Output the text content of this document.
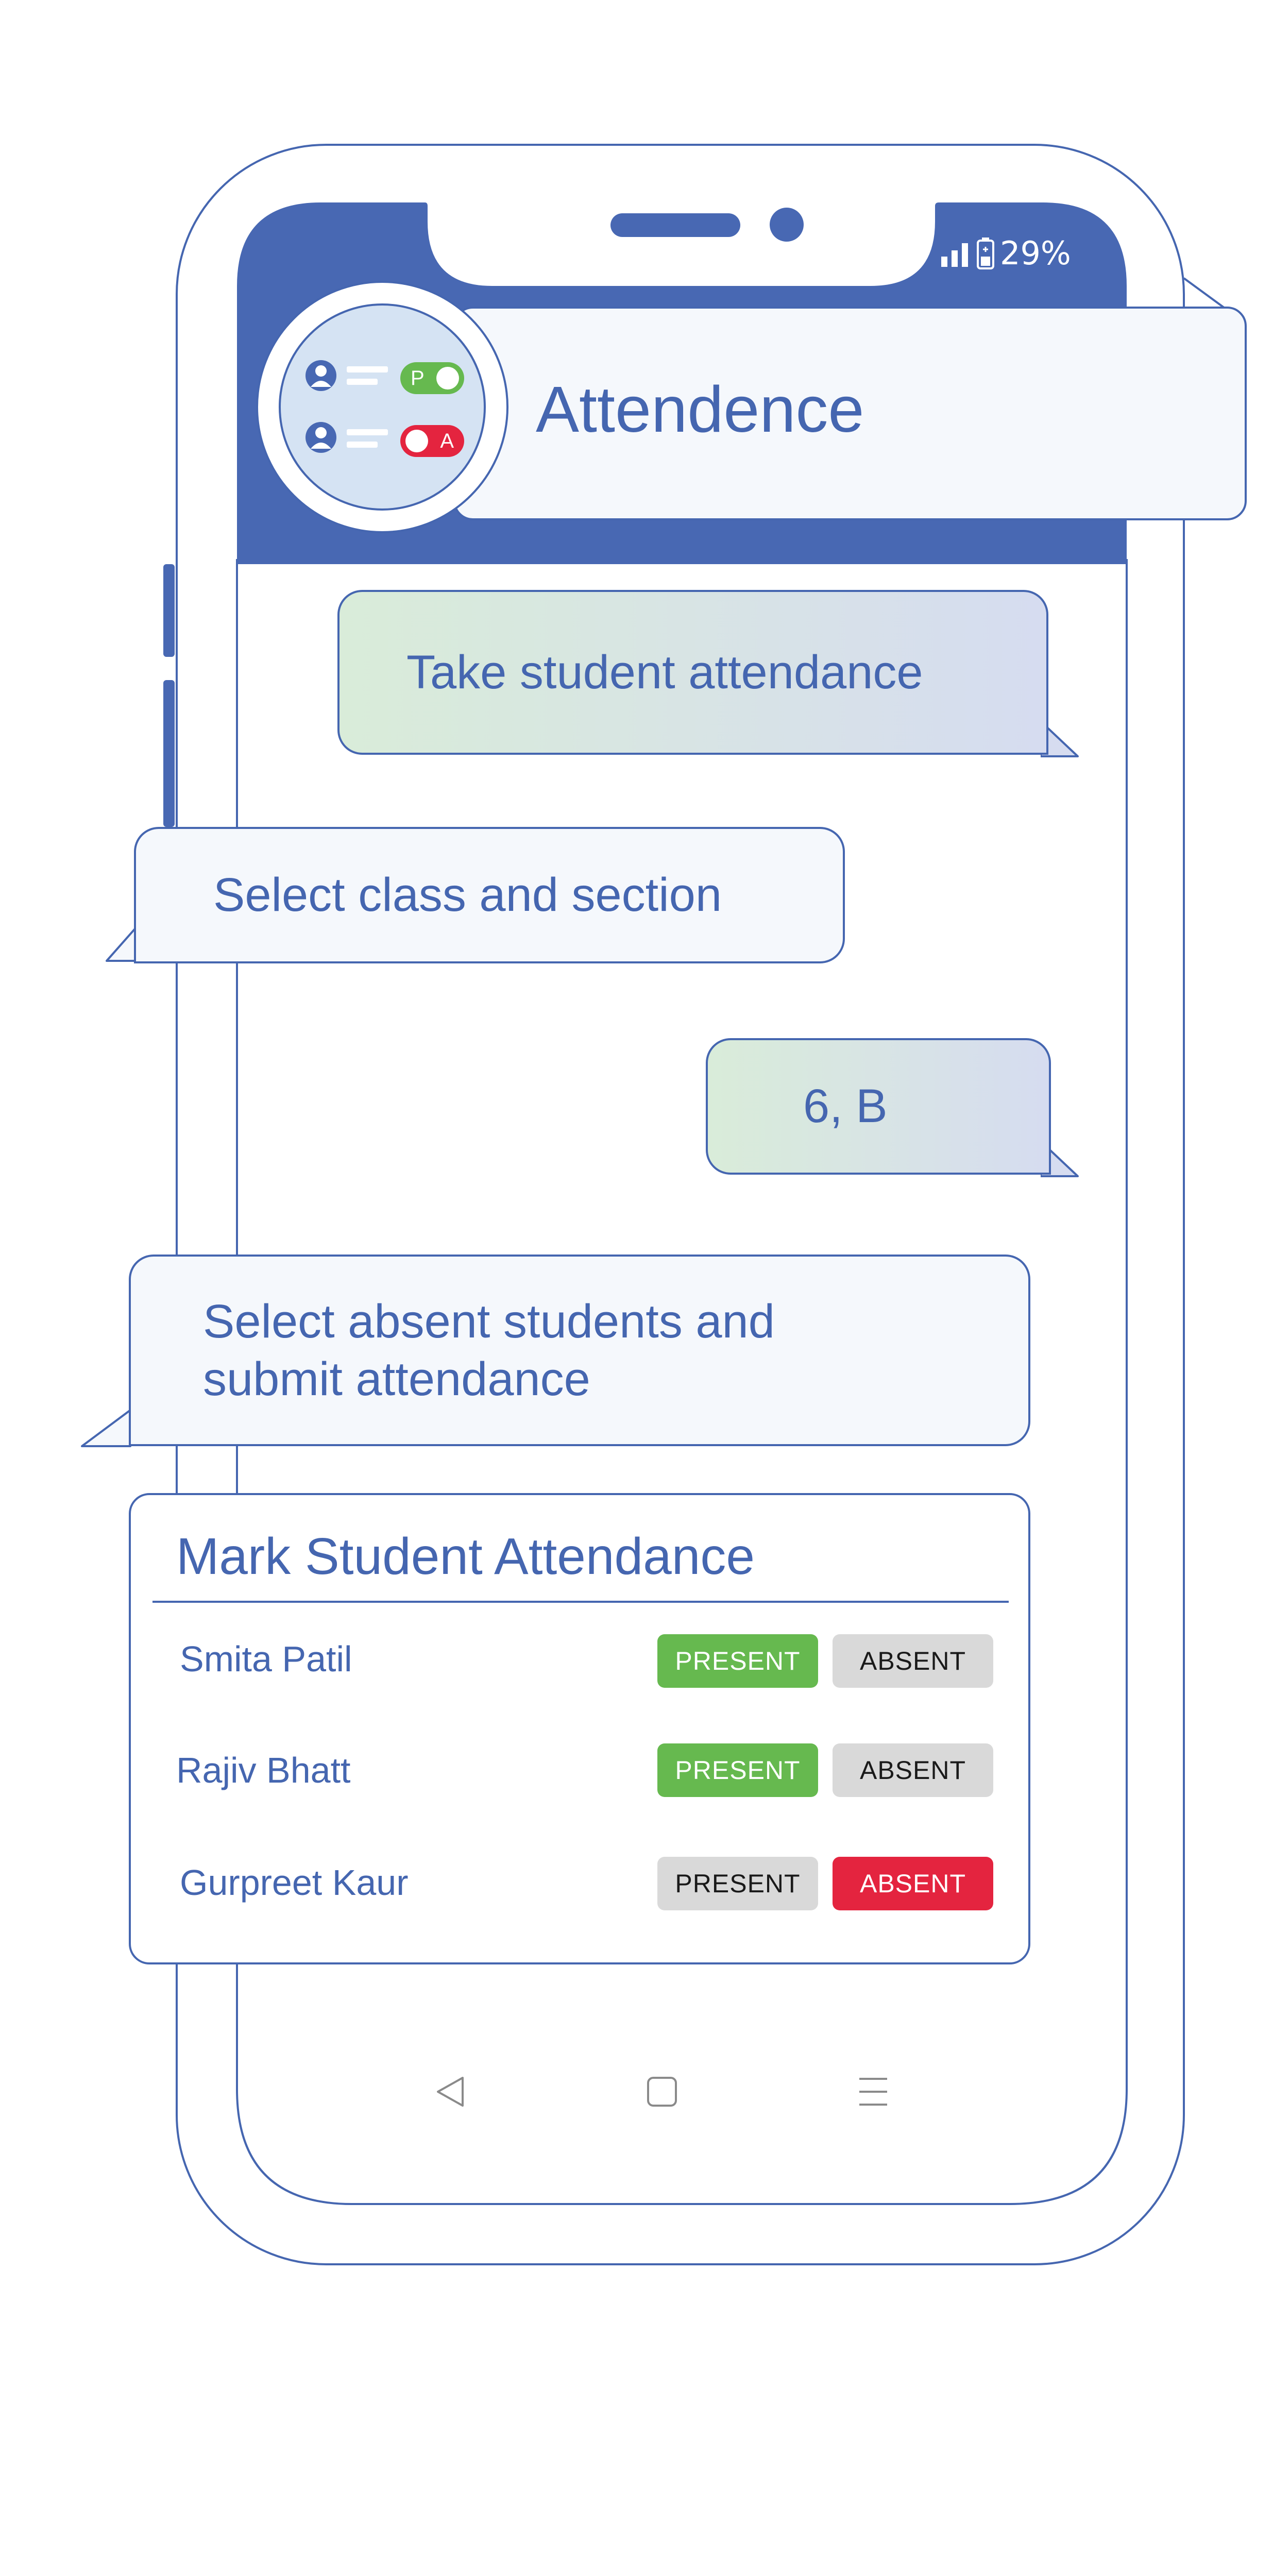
29%
P
A Attendence
Take student attendance
Select class and section
6, B
Select absent students and
submit attendance
Mark Student Attendance
Smita Patil	PRESENT	ABSENT
Rajiv Bhatt	PRESENT	ABSENT
Gurpreet Kaur	PRESENT	ABSENT
